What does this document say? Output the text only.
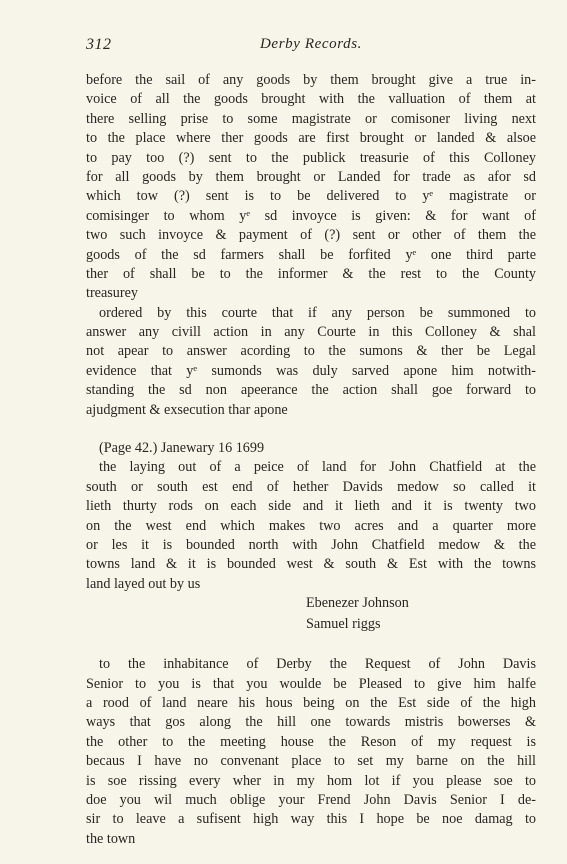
312	Derby Records.
before the sail of any goods by them brought give a true in-
voice of all the goods brought with the valluation of them at
there selling prise to some magistrate or comisoner living next
to the place where ther goods are first brought or landed & alsoe
to pay too (?) sent to the publick treasurie of this Colloney
for all goods by them brought or Landed for trade as afor sd
which tow (?) sent is to be delivered to yᵉ magistrate or
comisinger to whom yᵉ sd invoyce is given: & for want of
two such invoyce & payment of (?) sent or other of them the
goods of the sd farmers shall be forfited yᵉ one third parte
ther of shall be to the informer & the rest to the County
treasurey
ordered by this courte that if any person be summoned to
answer any civill action in any Courte in this Colloney & shal
not apear to answer acording to the sumons & ther be Legal
evidence that yᵉ sumonds was duly sarved apone him notwith-
standing the sd non apeerance the action shall goe forward to
ajudgment & exsecution thar apone
(Page 42.) Janewary 16 1699
the laying out of a peice of land for John Chatfield at the
south or south est end of hether Davids medow so called it
lieth thurty rods on each side and it lieth and it is twenty two
on the west end which makes two acres and a quarter more
or les it is bounded north with John Chatfield medow & the
towns land & it is bounded west & south & Est with the towns
land layed out by us
Ebenezer Johnson
Samuel riggs
to the inhabitance of Derby the Request of John Davis
Senior to you is that you woulde be Pleased to give him halfe
a rood of land neare his hous being on the Est side of the high
ways that gos along the hill one towards mistris bowerses &
the other to the meeting house the Reson of my request is
becaus I have no convenant place to set my barne on the hill
is soe rissing every wher in my hom lot if you please soe to
doe you wil much oblige your Frend John Davis Senior I de-
sir to leave a sufisent high way this I hope be noe damag to
the town
